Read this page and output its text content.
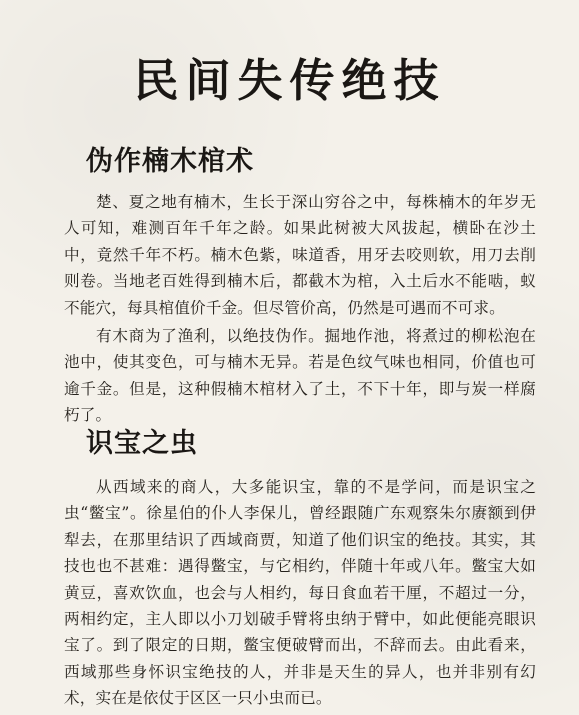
民间失传绝技
伪作楠木棺术
楚、夏之地有楠木，生长于深山穷谷之中，每株楠木的年岁无人可知，难测百年千年之龄。如果此树被大风拔起，横卧在沙土中，竟然千年不朽。楠木色紫，味道香，用牙去咬则软，用刀去削则卷。当地老百姓得到楠木后，都截木为棺，入土后水不能啮，蚁不能穴，每具棺值价千金。但尽管价高，仍然是可遇而不可求。
有木商为了渔利，以绝技伪作。掘地作池，将煮过的柳松泡在池中，使其变色，可与楠木无异。若是色纹气味也相同，价值也可逾千金。但是，这种假楠木棺材入了土，不下十年，即与炭一样腐朽了。
识宝之虫
从西域来的商人，大多能识宝，靠的不是学问，而是识宝之虫“鳖宝”。徐星伯的仆人李保儿，曾经跟随广东观察朱尔赓额到伊犁去，在那里结识了西域商贾，知道了他们识宝的绝技。其实，其技也也不甚难：遇得鳖宝，与它相约，伴随十年或八年。鳖宝大如黄豆，喜欢饮血，也会与人相约，每日食血若干厘，不超过一分，两相约定，主人即以小刀划破手臂将虫纳于臂中，如此便能亮眼识宝了。到了限定的日期，鳖宝便破臂而出，不辞而去。由此看来，西域那些身怀识宝绝技的人，并非是天生的异人，也并非别有幻术，实在是依仗于区区一只小虫而已。
